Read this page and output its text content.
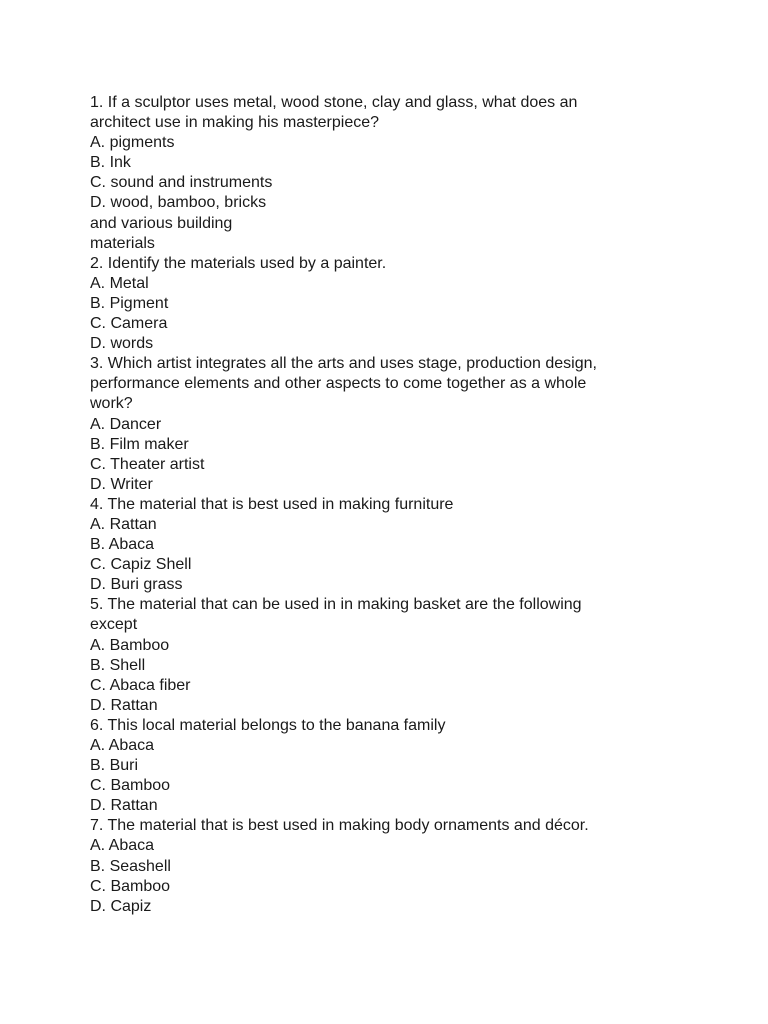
1. If a sculptor uses metal, wood stone, clay and glass, what does an
architect use in making his masterpiece?
A. pigments
B. Ink
C. sound and instruments
D. wood, bamboo, bricks
and various building
materials
2. Identify the materials used by a painter.
A. Metal
B. Pigment
C. Camera
D. words
3. Which artist integrates all the arts and uses stage, production design,
performance elements and other aspects to come together as a whole
work?
A. Dancer
B. Film maker
C. Theater artist
D. Writer
4. The material that is best used in making furniture
A. Rattan
B. Abaca
C. Capiz Shell
D. Buri grass
5. The material that can be used in in making basket are the following
except
A. Bamboo
B. Shell
C. Abaca fiber
D. Rattan
6. This local material belongs to the banana family
A. Abaca
B. Buri
C. Bamboo
D. Rattan
7. The material that is best used in making body ornaments and décor.
A. Abaca
B. Seashell
C. Bamboo
D. Capiz
